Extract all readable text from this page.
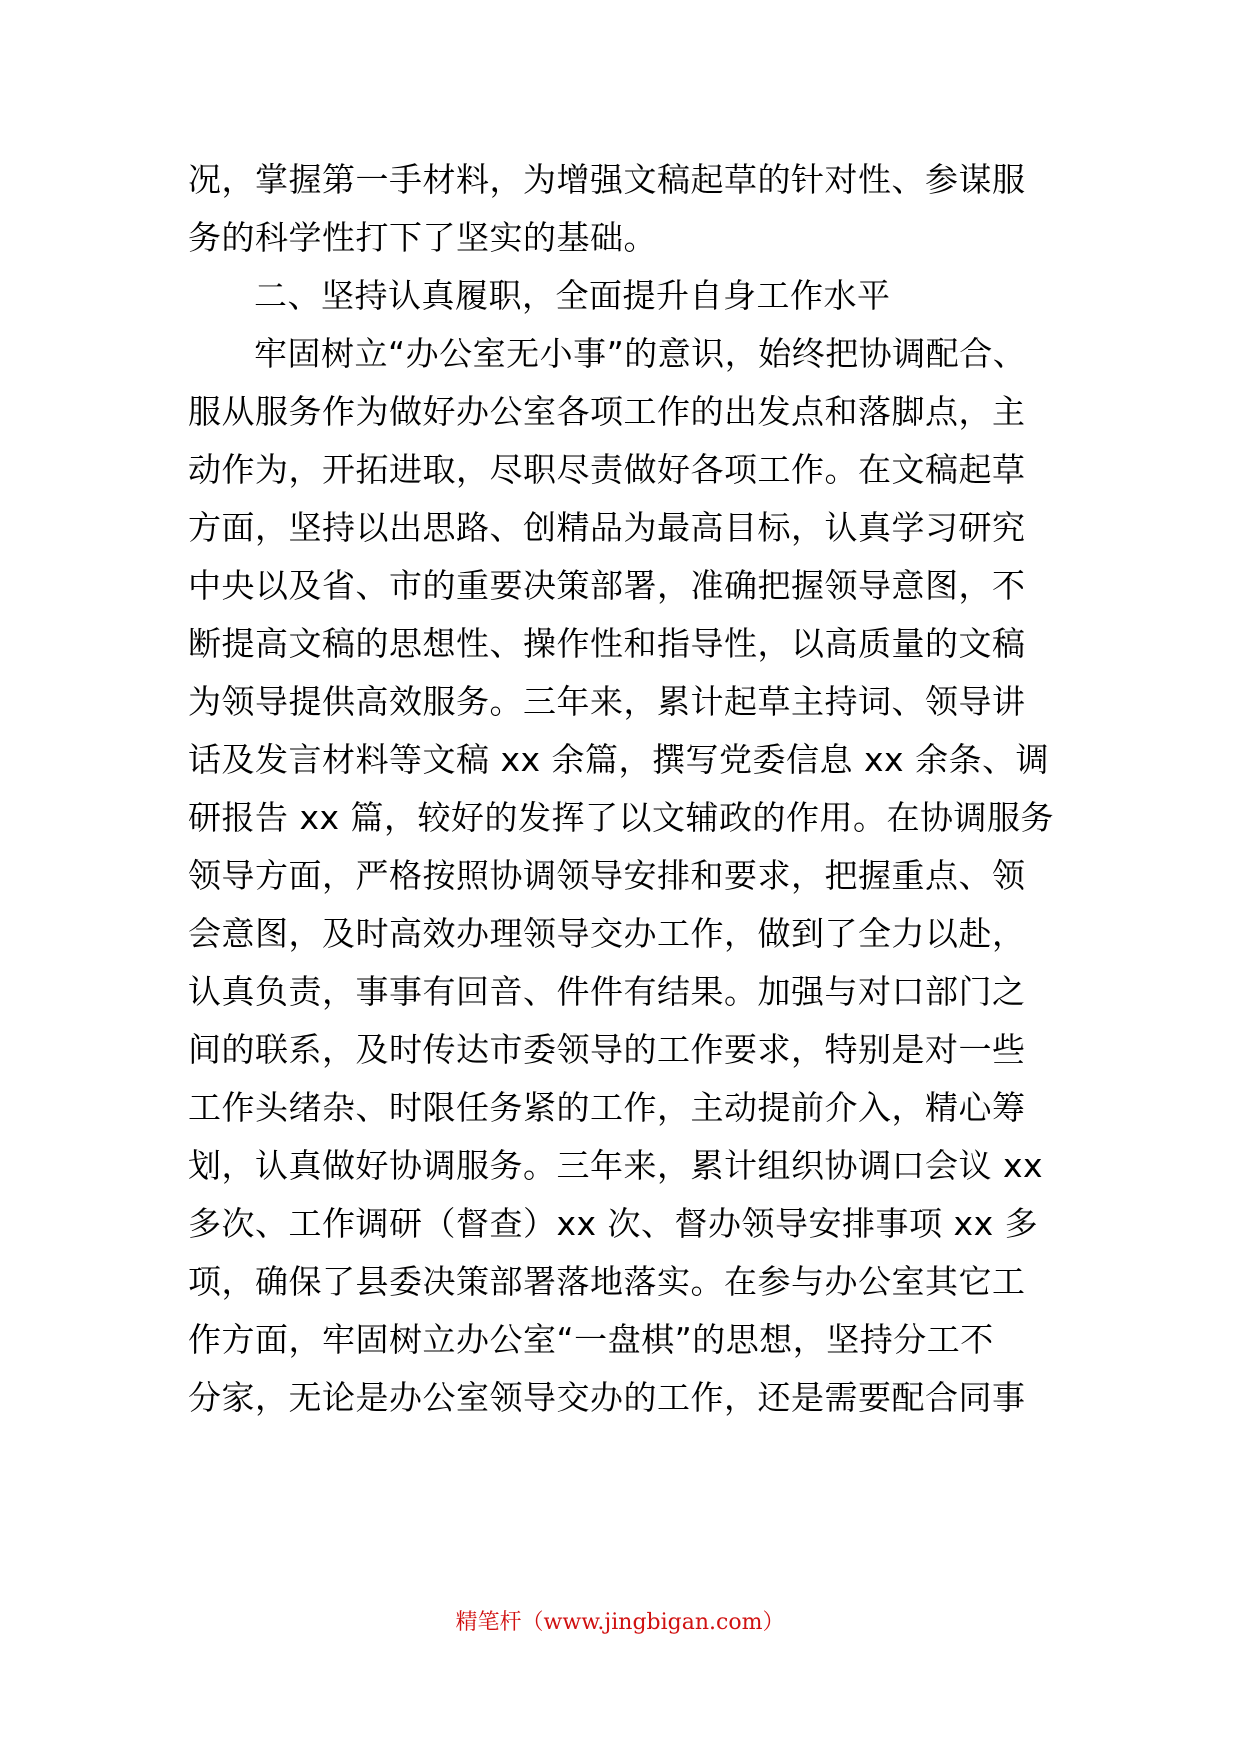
况，掌握第一手材料，为增强文稿起草的针对性、参谋服
务的科学性打下了坚实的基础。
二、坚持认真履职，全面提升自身工作水平
牢固树立“办公室无小事”的意识，始终把协调配合、
服从服务作为做好办公室各项工作的出发点和落脚点，主
动作为，开拓进取，尽职尽责做好各项工作。在文稿起草
方面，坚持以出思路、创精品为最高目标，认真学习研究
中央以及省、市的重要决策部署，准确把握领导意图，不
断提高文稿的思想性、操作性和指导性，以高质量的文稿
为领导提供高效服务。三年来，累计起草主持词、领导讲
话及发言材料等文稿 xx 余篇，撰写党委信息 xx 余条、调
研报告 xx 篇，较好的发挥了以文辅政的作用。在协调服务
领导方面，严格按照协调领导安排和要求，把握重点、领
会意图，及时高效办理领导交办工作，做到了全力以赴，
认真负责，事事有回音、件件有结果。加强与对口部门之
间的联系，及时传达市委领导的工作要求，特别是对一些
工作头绪杂、时限任务紧的工作，主动提前介入，精心筹
划，认真做好协调服务。三年来，累计组织协调口会议 xx
多次、工作调研（督查）xx 次、督办领导安排事项 xx 多
项，确保了县委决策部署落地落实。在参与办公室其它工
作方面，牢固树立办公室“一盘棋”的思想，坚持分工不
分家，无论是办公室领导交办的工作，还是需要配合同事
精笔杆（www.jingbigan.com）
